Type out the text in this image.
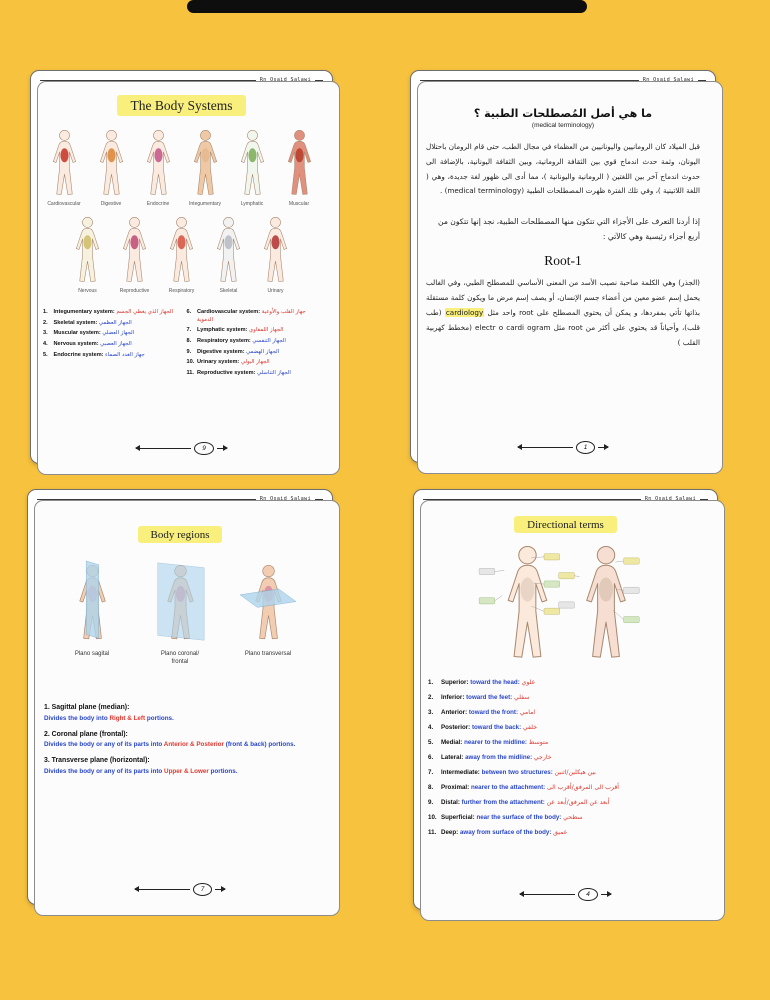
Rn Osaid Salawi
The Body Systems
Cardiovascular	Digestive	Endocrine	Integumentary	Lymphatic	Muscular
Nervous	Reproductive	Respiratory	Skeletal	Urinary
1.	Integumentary system: الجهاز الذي يغطي الجسم
2.	Skeletal system: الجهاز العظمي
3.	Muscular system: الجهاز العضلي
4.	Nervous system: الجهاز العصبي
5.	Endocrine system: جهاز الغدد الصماء
6.	Cardiovascular system: جهاز القلب والأوعية الدموية
7.	Lymphatic system: الجهاز اللمفاوي
8.	Respiratory system: الجهاز التنفسي
9.	Digestive system: الجهاز الهضمي
10. Urinary system: الجهاز البولي
11. Reproductive system: الجهاز التناسلي
9
Rn Osaid Salawi
ما هي أصل المُصطلحات الطبية ؟
(medical terminology)

قبل الميلاد كان الرومانيين واليونانيين من العظماء في مجال الطب، حتى قام الرومان باحتلال اليونان، وثمة حدث اندماج قوي بين الثقافة الرومانية، وبين الثقافة اليونانية، بالإضافة الى حدوث اندماج آخر بين اللغتين ( الرومانية واليونانية )، مما أدى الى ظهور لغة جديدة، وهي ( اللغة اللاتينية )، وفي تلك الفترة ظهرت المصطلحات الطبية (medical terminology) .

إذا أردنا التعرف على الأجزاء التي تتكون منها المصطلحات الطبية، نجد إنها تتكون من أربع أجزاء رئيسية وهي كالآتي :

Root-1

(الجذر) وهي الكلمة صاحبة نصيب الأسد من المعنى الأساسي للمصطلح الطبي، وفي الغالب يحمل إسم عضو معين من أعضاء جسم الإنسان، أو يصف إسم مرض ما ويكون كلمة مستقلة بذاتها تأتي بمفردها، و يمكن أن يحتوي المصطلح على root واحد مثل cardiology (طب قلب)، وأحياناً قد يحتوي على أكثر من root مثل electr o cardi ogram (مخطط كهربية القلب )

1
Rn Osaid Salawi
Body regions
Plano sagital	Plano coronal/
frontal
Plano transversal
1. Sagittal plane (median):
Divides the body into Right & Left portions.
2. Coronal plane (frontal):
Divides the body or any of its parts into Anterior & Posterior (front & back) portions.
3. Transverse plane (horizontal):
Divides the body or any of its parts into Upper & Lower portions.
7
Rn Osaid Salawi
Directional terms
1.	Superior: toward the head: علوي
2.	Inferior: toward the feet: سفلي
3.	Anterior: toward the front: امامي
4.	Posterior: toward the back: خلفي
5.	Medial: nearer to the midline: متوسط
6.	Lateral: away from the midline: خارجي
7.	Intermediate: between two structures: بين هيكلين/اثنين
8.	Proximal: nearer to the attachment: أقرب الى المرفق/أقرب الى
9.	Distal: further from the attachment: أبعد عن المرفق/أبعد عن
10. Superficial: near the surface of the body: سطحي
11. Deep: away from surface of the body: عميق
4
